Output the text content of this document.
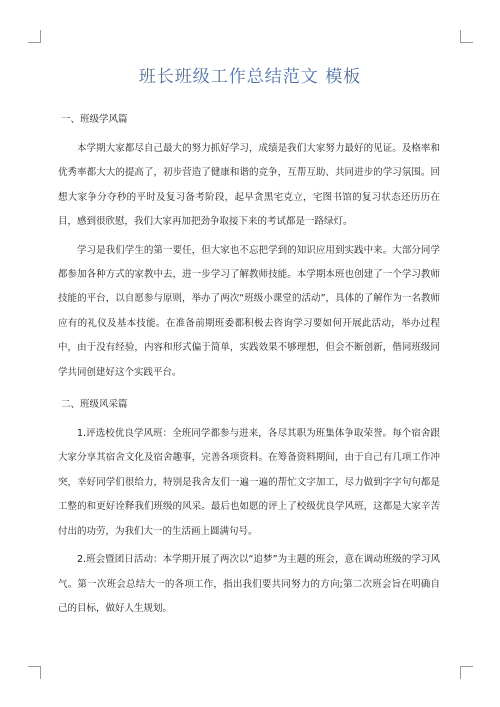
班长班级工作总结范文 模板
一、班级学风篇

本学期大家都尽自己最大的努力抓好学习，成绩是我们大家努力最好的见证。及格率和优秀率都大大的提高了，初步营造了健康和谐的竞争，互帮互助、共同进步的学习氛围。回想大家争分夺秒的平时及复习备考阶段，起早贪黑宅克立，宅图书馆的复习状态还历历在目，感到很欣慰，我们大家再加把劲争取接下来的考试都是一路绿灯。

学习是我们学生的第一要任，但大家也不忘把学到的知识应用到实践中来。大部分同学都参加各种方式的家教中去，进一步学习了解教师技能。本学期本班也创建了一个学习教师技能的平台，以自愿参与原则，举办了两次“班级小课堂的活动”，具体的了解作为一名教师应有的礼仪及基本技能。在准备前期班委都积极去咨询学习要如何开展此活动，举办过程中，由于没有经验，内容和形式偏于简单，实践效果不够理想，但会不断创新，偕同班级同学共同创建好这个实践平台。

二、班级风采篇

1.评选校优良学风班：全班同学都参与进来，各尽其职为班集体争取荣誉。每个宿舍跟大家分享其宿舍文化及宿舍趣事，完善各项资料。在筹备资料期间，由于自己有几项工作冲突，幸好同学们很给力，特别是我舍友们一遍一遍的帮忙文字加工，尽力做到字字句句都是工整的和更好诠释我们班级的风采。最后也如愿的评上了校级优良学风班，这都是大家辛苦付出的功劳，为我们大一的生活画上圆满句号。

2.班会暨团日活动：本学期开展了两次以“追梦”为主题的班会，意在调动班级的学习风气。第一次班会总结大一的各项工作，指出我们要共同努力的方向;第二次班会旨在明确自己的目标，做好人生规划。
